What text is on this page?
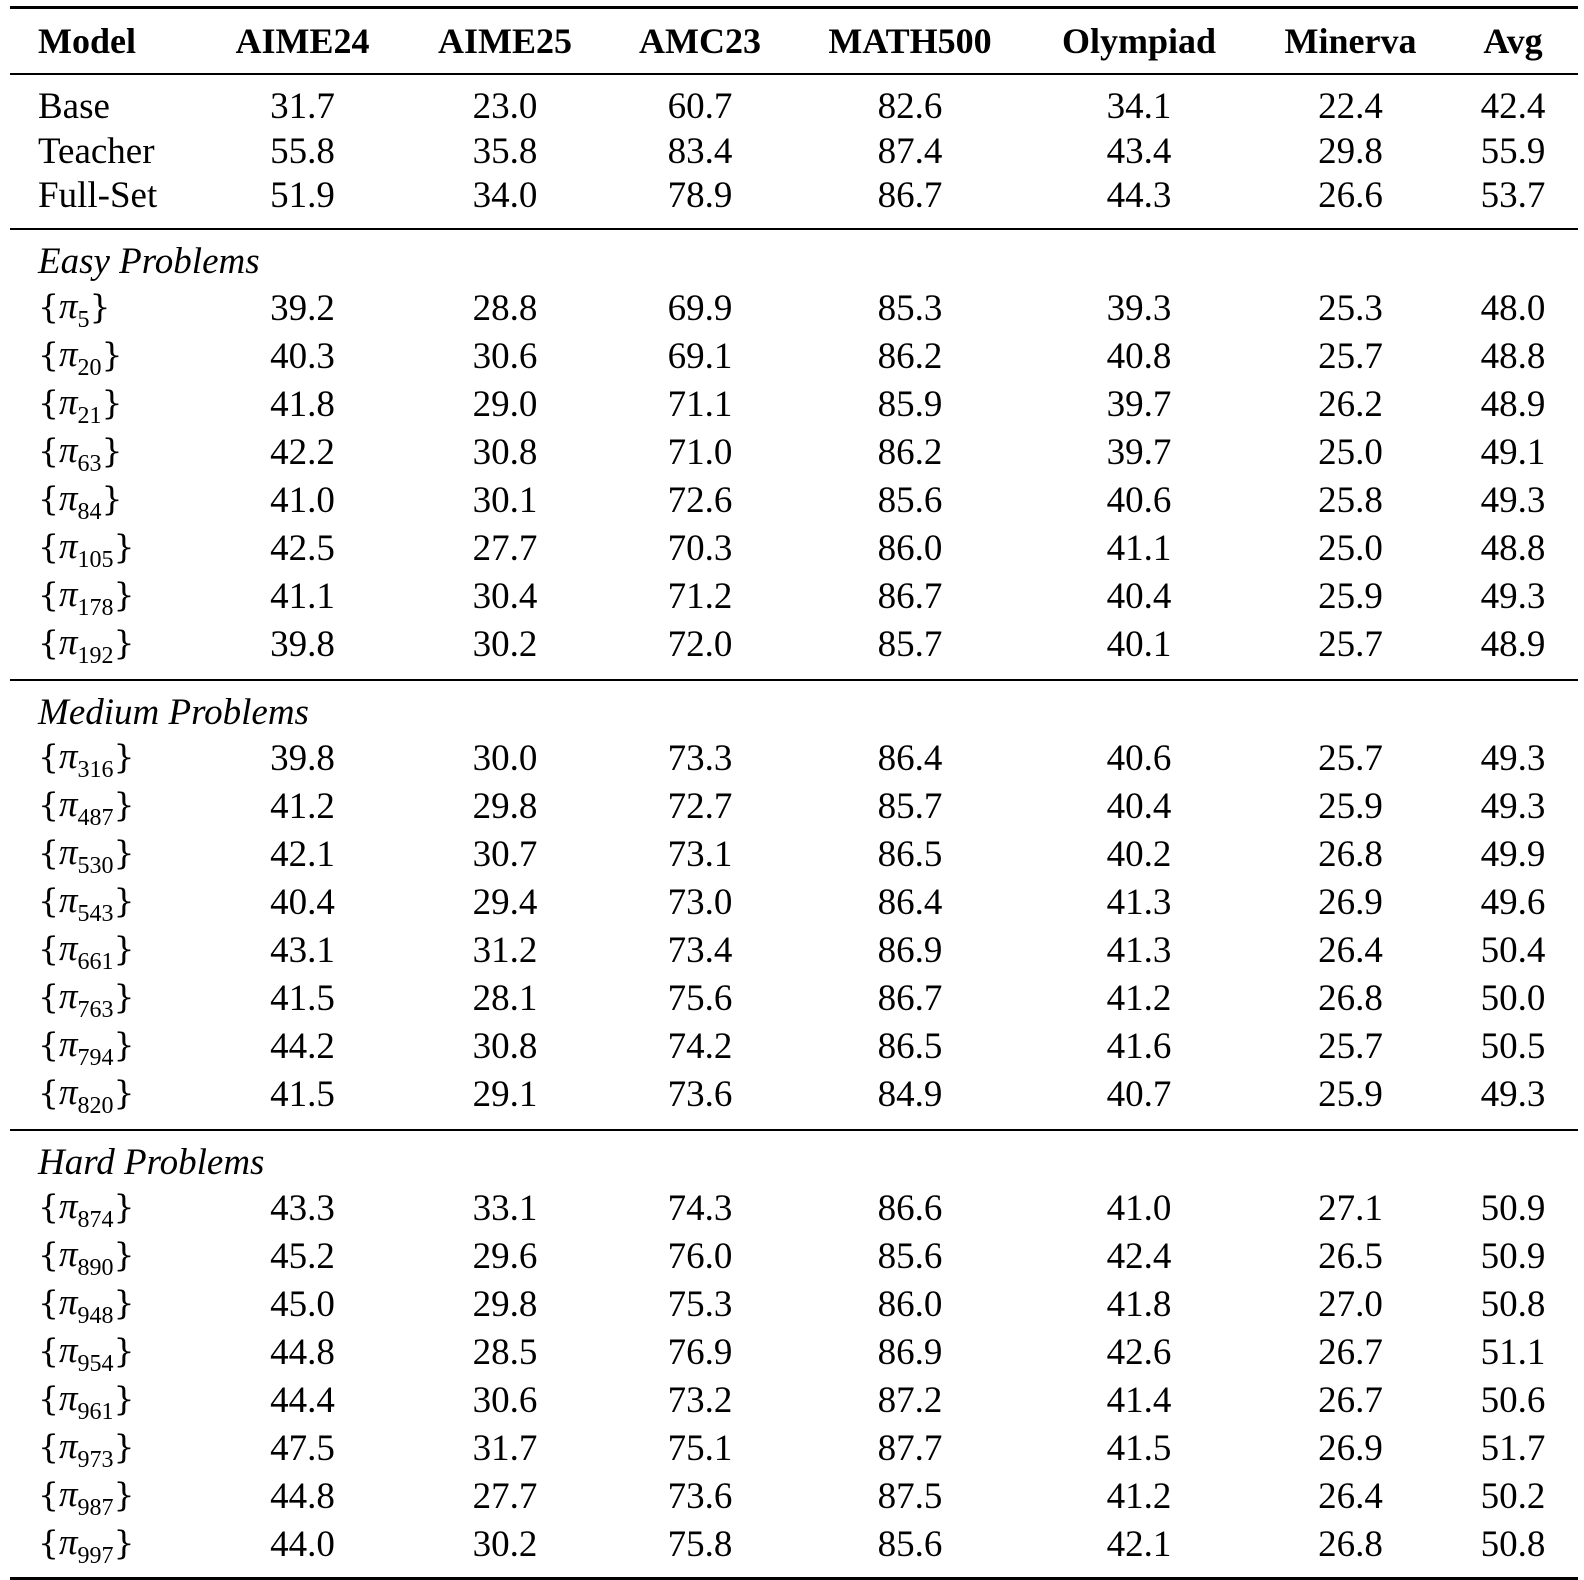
Model	AIME24	AIME25	AMC23	MATH500	Olympiad	Minerva	Avg
Base	31.7	23.0	60.7	82.6	34.1	22.4	42.4
Teacher	55.8	35.8	83.4	87.4	43.4	29.8	55.9
Full-Set	51.9	34.0	78.9	86.7	44.3	26.6	53.7
Easy Problems							
$\{\pi_5\}$	39.2	28.8	69.9	85.3	39.3	25.3	48.0
$\{\pi_{20}\}$	40.3	30.6	69.1	86.2	40.8	25.7	48.8
$\{\pi_{21}\}$	41.8	29.0	71.1	85.9	39.7	26.2	48.9
$\{\pi_{63}\}$	42.2	30.8	71.0	86.2	39.7	25.0	49.1
$\{\pi_{84}\}$	41.0	30.1	72.6	85.6	40.6	25.8	49.3
$\{\pi_{105}\}$	42.5	27.7	70.3	86.0	41.1	25.0	48.8
$\{\pi_{178}\}$	41.1	30.4	71.2	86.7	40.4	25.9	49.3
$\{\pi_{192}\}$	39.8	30.2	72.0	85.7	40.1	25.7	48.9
Medium Problems							
$\{\pi_{316}\}$	39.8	30.0	73.3	86.4	40.6	25.7	49.3
$\{\pi_{487}\}$	41.2	29.8	72.7	85.7	40.4	25.9	49.3
$\{\pi_{530}\}$	42.1	30.7	73.1	86.5	40.2	26.8	49.9
$\{\pi_{543}\}$	40.4	29.4	73.0	86.4	41.3	26.9	49.6
$\{\pi_{661}\}$	43.1	31.2	73.4	86.9	41.3	26.4	50.4
$\{\pi_{763}\}$	41.5	28.1	75.6	86.7	41.2	26.8	50.0
$\{\pi_{794}\}$	44.2	30.8	74.2	86.5	41.6	25.7	50.5
$\{\pi_{820}\}$	41.5	29.1	73.6	84.9	40.7	25.9	49.3
Hard Problems							
$\{\pi_{874}\}$	43.3	33.1	74.3	86.6	41.0	27.1	50.9
$\{\pi_{890}\}$	45.2	29.6	76.0	85.6	42.4	26.5	50.9
$\{\pi_{948}\}$	45.0	29.8	75.3	86.0	41.8	27.0	50.8
$\{\pi_{954}\}$	44.8	28.5	76.9	86.9	42.6	26.7	51.1
$\{\pi_{961}\}$	44.4	30.6	73.2	87.2	41.4	26.7	50.6
$\{\pi_{973}\}$	47.5	31.7	75.1	87.7	41.5	26.9	51.7
$\{\pi_{987}\}$	44.8	27.7	73.6	87.5	41.2	26.4	50.2
$\{\pi_{997}\}$	44.0	30.2	75.8	85.6	42.1	26.8	50.8
